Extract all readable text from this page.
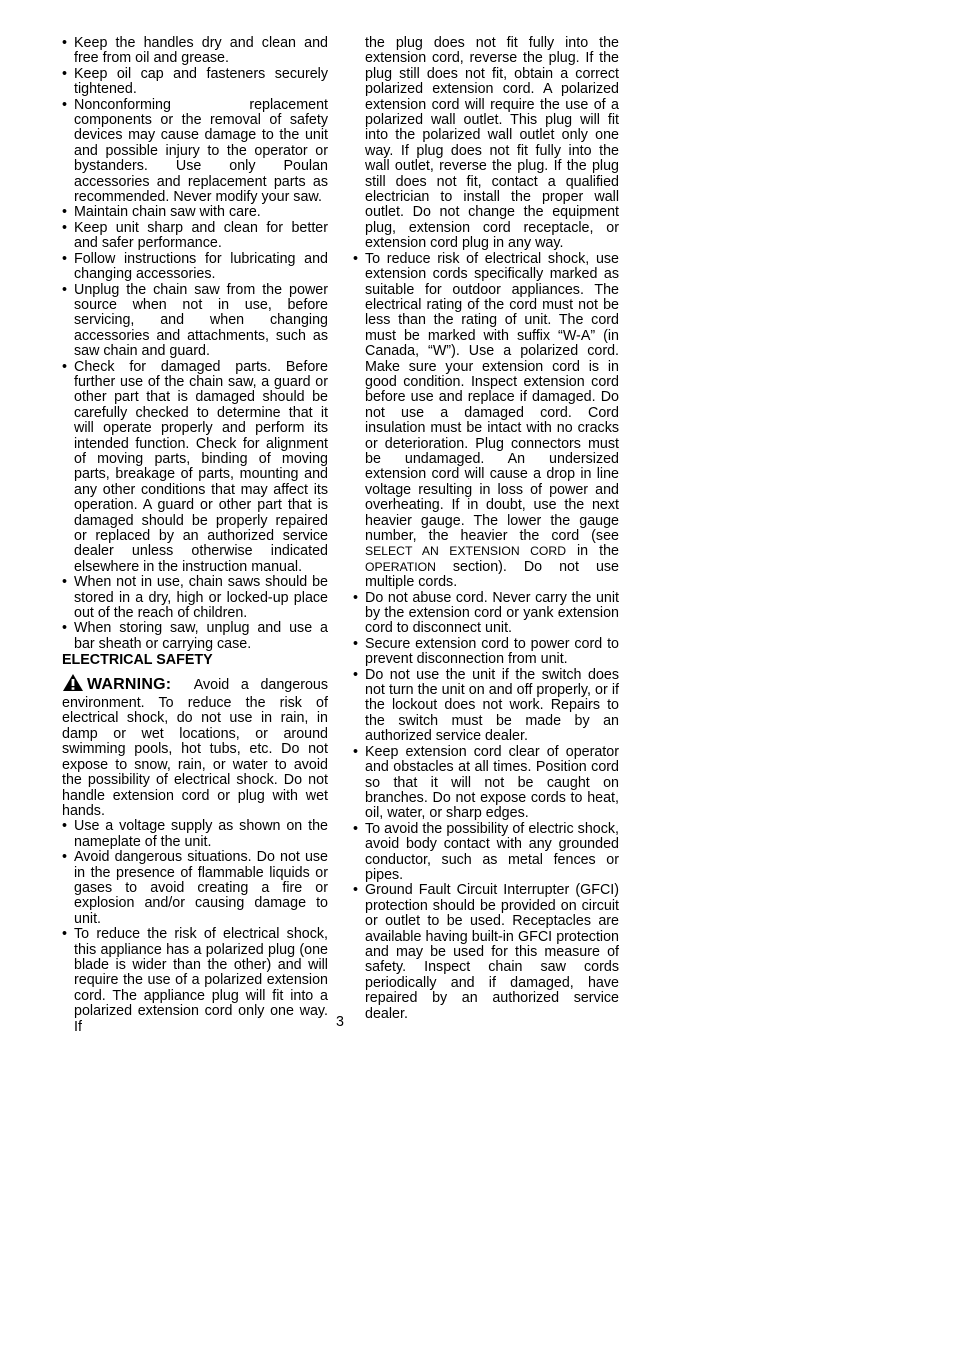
• Keep the handles dry and clean and free from oil and grease.
• Keep oil cap and fasteners securely tightened.
• Nonconforming replacement components or the removal of safety devices may cause damage to the unit and possible injury to the operator or bystanders. Use only Poulan accessories and replacement parts as recommended. Never modify your saw.
• Maintain chain saw with care.
• Keep unit sharp and clean for better and safer performance.
• Follow instructions for lubricating and changing accessories.
• Unplug the chain saw from the power source when not in use, before servicing, and when changing accessories and attachments, such as saw chain and guard.
• Check for damaged parts. Before further use of the chain saw, a guard or other part that is damaged should be carefully checked to determine that it will operate properly and perform its intended function. Check for alignment of moving parts, binding of moving parts, breakage of parts, mounting and any other conditions that may affect its operation. A guard or other part that is damaged should be properly repaired or replaced by an authorized service dealer unless otherwise indicated elsewhere in the instruction manual.
• When not in use, chain saws should be stored in a dry, high or locked-up place out of the reach of children.
• When storing saw, unplug and use a bar sheath or carrying case.

ELECTRICAL SAFETY

WARNING: Avoid a dangerous environment. To reduce the risk of electrical shock, do not use in rain, in damp or wet locations, or around swimming pools, hot tubs, etc. Do not expose to snow, rain, or water to avoid the possibility of electrical shock. Do not handle extension cord or plug with wet hands.

• Use a voltage supply as shown on the nameplate of the unit.
• Avoid dangerous situations. Do not use in the presence of flammable liquids or gases to avoid creating a fire or explosion and/or causing damage to unit.
• To reduce the risk of electrical shock, this appliance has a polarized plug (one blade is wider than the other) and will require the use of a polarized extension cord. The appliance plug will fit into a polarized extension cord only one way. If

the plug does not fit fully into the extension cord, reverse the plug. If the plug still does not fit, obtain a correct polarized extension cord. A polarized extension cord will require the use of a polarized wall outlet. This plug will fit into the polarized wall outlet only one way. If plug does not fit fully into the wall outlet, reverse the plug. If the plug still does not fit, contact a qualified electrician to install the proper wall outlet. Do not change the equipment plug, extension cord receptacle, or extension cord plug in any way.

• To reduce risk of electrical shock, use extension cords specifically marked as suitable for outdoor appliances. The electrical rating of the cord must not be less than the rating of unit. The cord must be marked with suffix “W-A” (in Canada, “W”). Use a polarized cord. Make sure your extension cord is in good condition. Inspect extension cord before use and replace if damaged. Do not use a damaged cord. Cord insulation must be intact with no cracks or deterioration. Plug connectors must be undamaged. An undersized extension cord will cause a drop in line voltage resulting in loss of power and overheating. If in doubt, use the next heavier gauge. The lower the gauge number, the heavier the cord (see SELECT AN EXTENSION CORD in the OPERATION section). Do not use multiple cords.
• Do not abuse cord. Never carry the unit by the extension cord or yank extension cord to disconnect unit.
• Secure extension cord to power cord to prevent disconnection from unit.
• Do not use the unit if the switch does not turn the unit on and off properly, or if the lockout does not work. Repairs to the switch must be made by an authorized service dealer.
• Keep extension cord clear of operator and obstacles at all times. Position cord so that it will not be caught on branches. Do not expose cords to heat, oil, water, or sharp edges.
• To avoid the possibility of electric shock, avoid body contact with any grounded conductor, such as metal fences or pipes.
• Ground Fault Circuit Interrupter (GFCI) protection should be provided on circuit or outlet to be used. Receptacles are available having built-in GFCI protection and may be used for this measure of safety. Inspect chain saw cords periodically and if damaged, have repaired by an authorized service dealer.
3
